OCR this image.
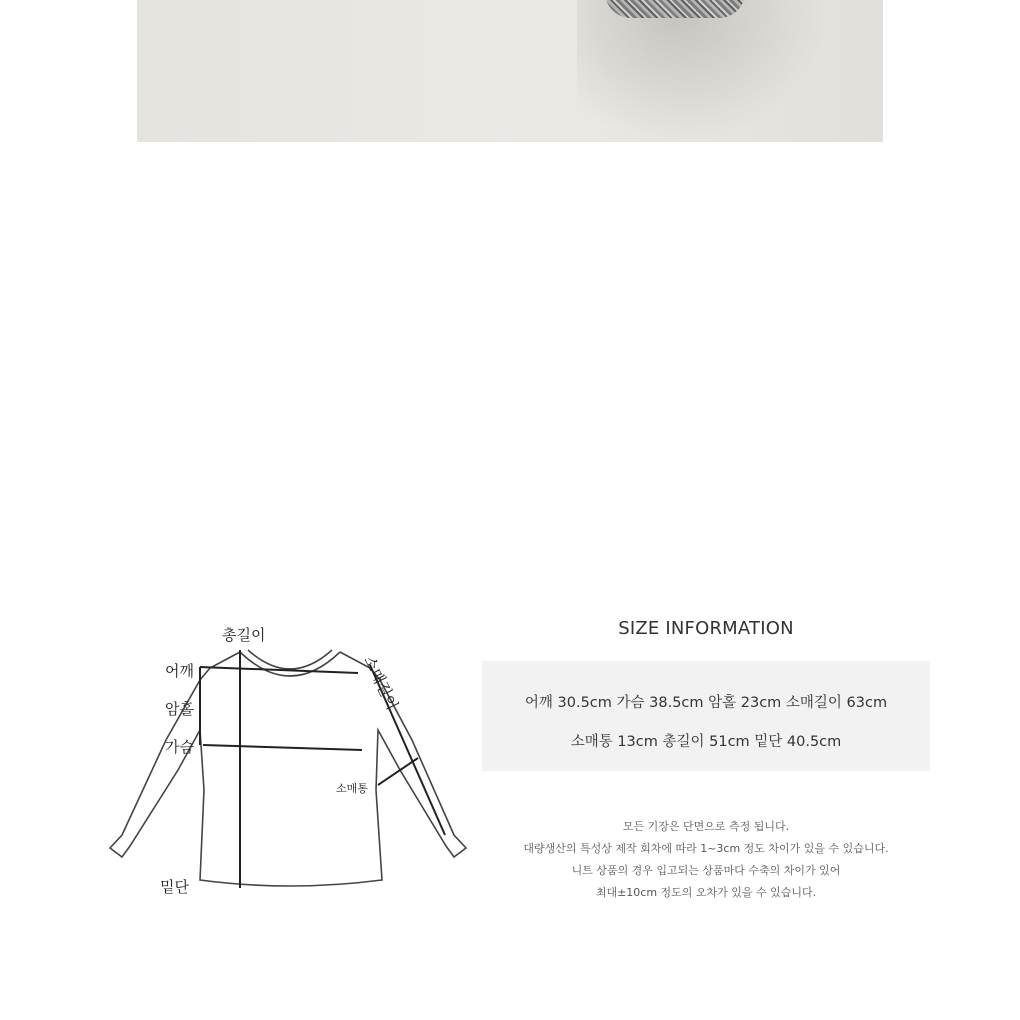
총길이
어깨
암홀
가슴
소매길이
소매통
밑단
SIZE INFORMATION
어깨 30.5cm 가슴 38.5cm 암홀 23cm 소매길이 63cm
소매통 13cm 총길이 51cm 밑단 40.5cm
모든 기장은 단면으로 측정 됩니다.
대량생산의 특성상 제작 회차에 따라 1~3cm 정도 차이가 있을 수 있습니다.
니트 상품의 경우 입고되는 상품마다 수축의 차이가 있어
최대±10cm 정도의 오차가 있을 수 있습니다.
